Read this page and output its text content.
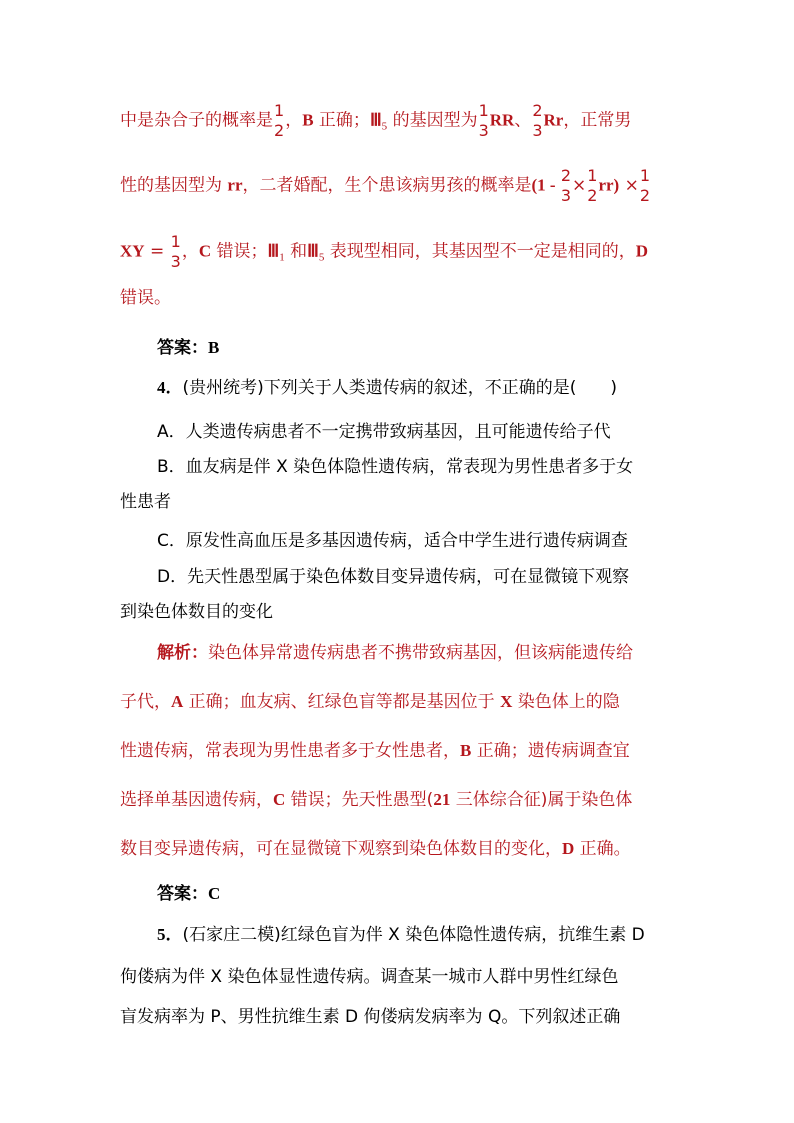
中是杂合子的概率是 1
2 ，B 正确；$Ⅲ_5$ 的基因型为 1
3
RR、 2
3
Rr，正常男
性的基因型为 rr，二者婚配，生个患该病男孩的概率是(1 - 2
3 × 1
2
rr) × 1
2
XY = 1
3 ，C 错误；$Ⅲ_1$ 和$Ⅲ_5$ 表现型相同，其基因型不一定是相同的，D
错误。
答案：B
4．(贵州统考)下列关于人类遗传病的叙述，不正确的是(　　)
A．人类遗传病患者不一定携带致病基因，且可能遗传给子代
B．血友病是伴 X 染色体隐性遗传病，常表现为男性患者多于女
性患者
C．原发性高血压是多基因遗传病，适合中学生进行遗传病调查
D．先天性愚型属于染色体数目变异遗传病，可在显微镜下观察
到染色体数目的变化
解析：染色体异常遗传病患者不携带致病基因，但该病能遗传给
子代，A 正确；血友病、红绿色盲等都是基因位于 X 染色体上的隐
性遗传病，常表现为男性患者多于女性患者，B 正确；遗传病调查宜
选择单基因遗传病，C 错误；先天性愚型(21 三体综合征)属于染色体
数目变异遗传病，可在显微镜下观察到染色体数目的变化，D 正确。
答案：C
5．(石家庄二模)红绿色盲为伴 X 染色体隐性遗传病，抗维生素 D
佝偻病为伴 X 染色体显性遗传病。调查某一城市人群中男性红绿色
盲发病率为 P、男性抗维生素 D 佝偻病发病率为 Q。下列叙述正确
